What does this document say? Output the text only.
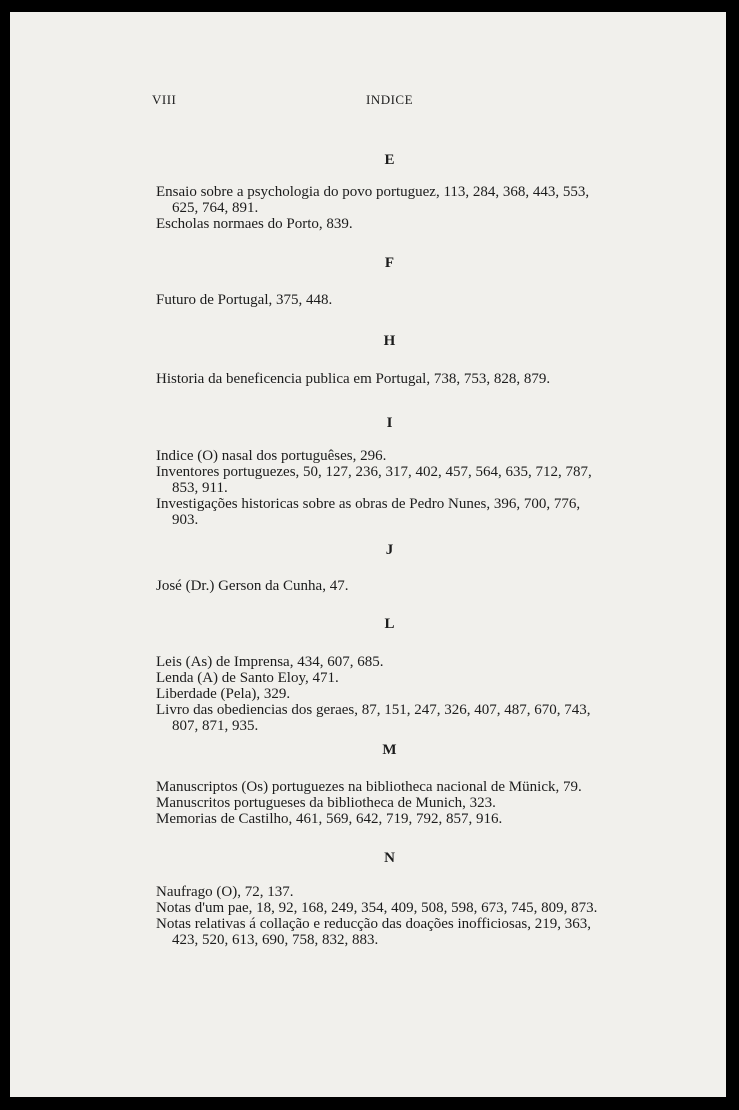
VIII	INDICE
E
Ensaio sobre a psychologia do povo portuguez, 113, 284, 368, 443, 553,
625, 764, 891.
Escholas normaes do Porto, 839.
F
Futuro de Portugal, 375, 448.
H
Historia da beneficencia publica em Portugal, 738, 753, 828, 879.
I
Indice (O) nasal dos portuguêses, 296.
Inventores portuguezes, 50, 127, 236, 317, 402, 457, 564, 635, 712, 787,
853, 911.
Investigações historicas sobre as obras de Pedro Nunes, 396, 700, 776,
903.
J
José (Dr.) Gerson da Cunha, 47.
L
Leis (As) de Imprensa, 434, 607, 685.
Lenda (A) de Santo Eloy, 471.
Liberdade (Pela), 329.
Livro das obediencias dos geraes, 87, 151, 247, 326, 407, 487, 670, 743,
807, 871, 935.
M
Manuscriptos (Os) portuguezes na bibliotheca nacional de Münick, 79.
Manuscritos portugueses da bibliotheca de Munich, 323.
Memorias de Castilho, 461, 569, 642, 719, 792, 857, 916.
N
Naufrago (O), 72, 137.
Notas d'um pae, 18, 92, 168, 249, 354, 409, 508, 598, 673, 745, 809, 873.
Notas relativas á collação e reducção das doações inofficiosas, 219, 363,
423, 520, 613, 690, 758, 832, 883.
